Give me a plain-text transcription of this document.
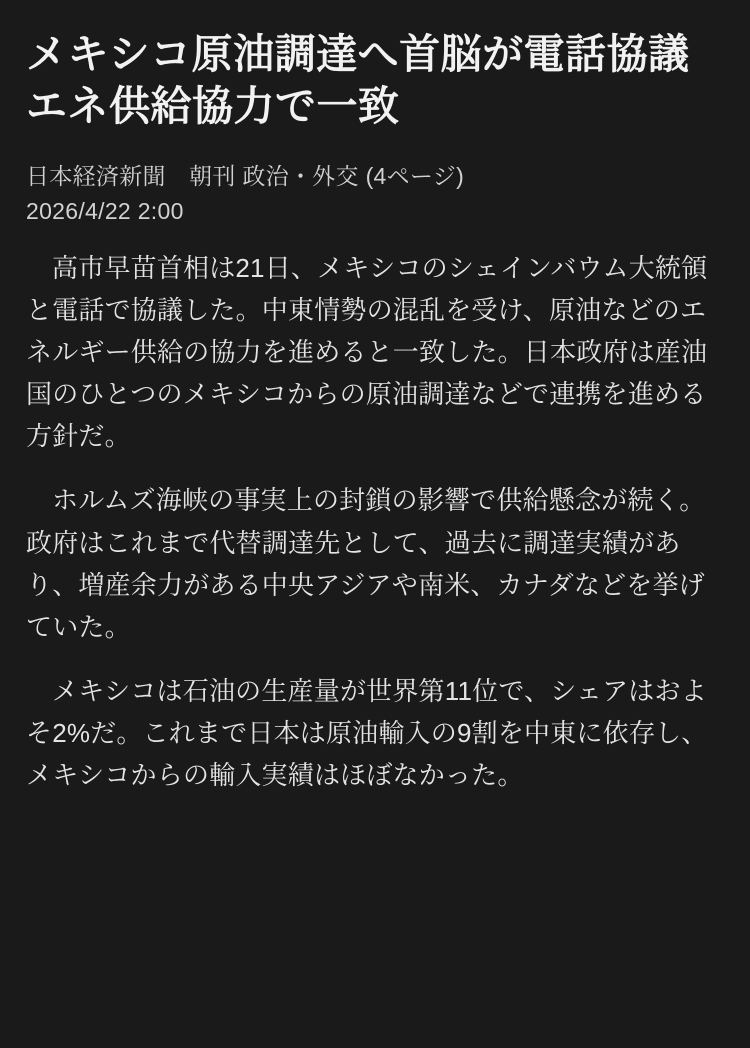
メキシコ原油調達へ首脳が電話協議　エネ供給協力で一致
日本経済新聞　朝刊 政治・外交 (4ページ)
2026/4/22 2:00

高市早苗首相は21日、メキシコのシェインバウム大統領と電話で協議した。中東情勢の混乱を受け、原油などのエネルギー供給の協力を進めると一致した。日本政府は産油国のひとつのメキシコからの原油調達などで連携を進める方針だ。

ホルムズ海峡の事実上の封鎖の影響で供給懸念が続く。政府はこれまで代替調達先として、過去に調達実績があり、増産余力がある中央アジアや南米、カナダなどを挙げていた。

メキシコは石油の生産量が世界第11位で、シェアはおよそ2%だ。これまで日本は原油輸入の9割を中東に依存し、メキシコからの輸入実績はほぼなかった。
